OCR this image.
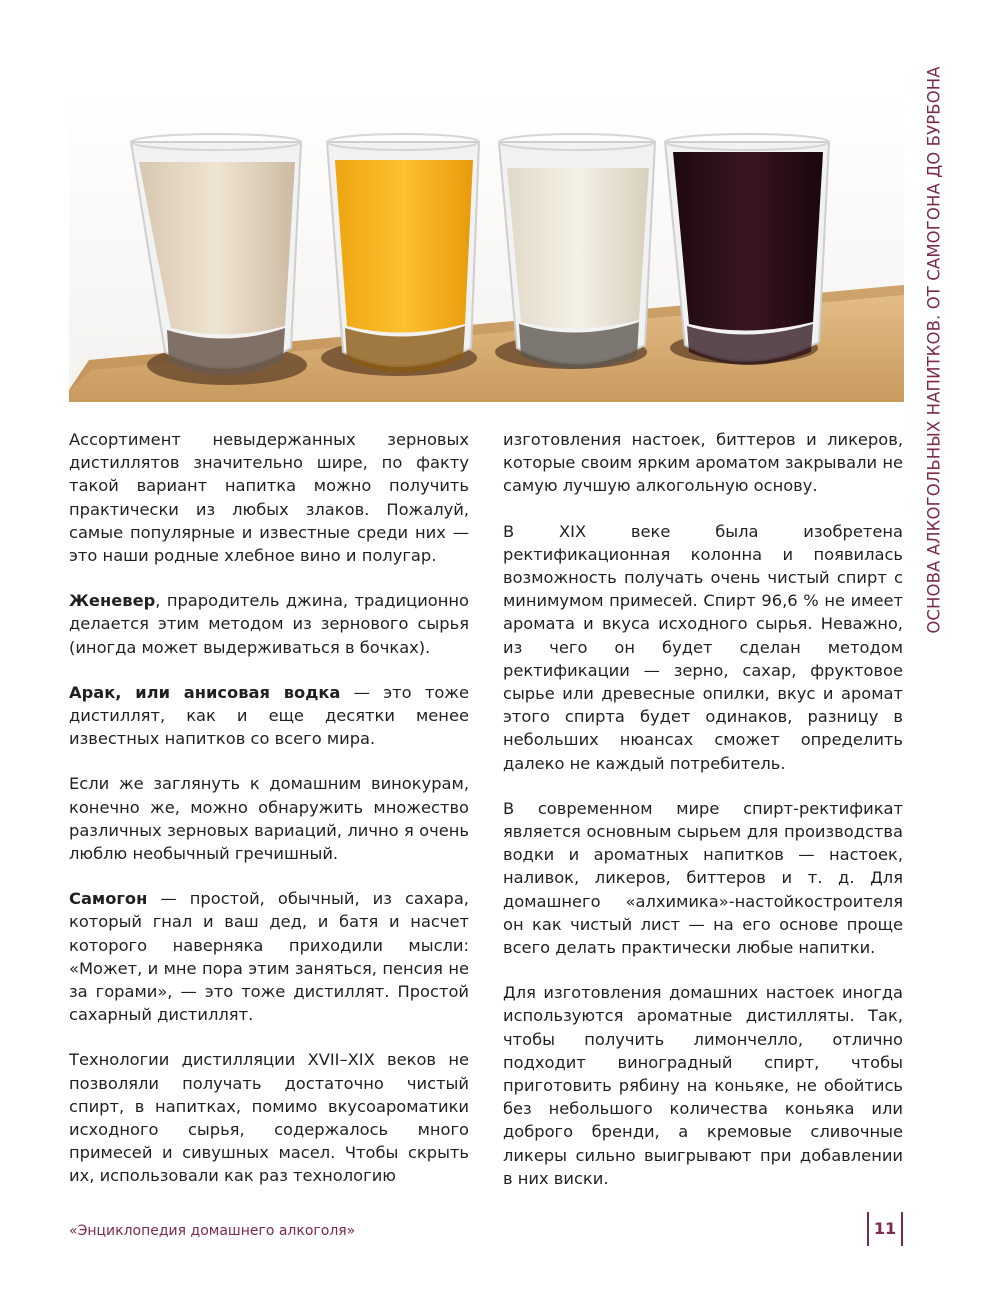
ОСНОВА АЛКОГОЛЬНЫХ НАПИТКОВ. ОТ САМОГОНА ДО БУРБОНА

Ассортимент невыдержанных зерновых дистиллятов значительно шире, по факту такой вариант напитка можно получить практически из любых злаков. Пожалуй, самые популярные и известные среди них — это наши родные хлебное вино и полугар.

Женевер, прародитель джина, традиционно делается этим методом из зернового сырья (иногда может выдерживаться в бочках).

Арак, или анисовая водка — это тоже дистиллят, как и еще десятки менее известных напитков со всего мира.

Если же заглянуть к домашним винокурам, конечно же, можно обнаружить множество различных зерновых вариаций, лично я очень люблю необычный гречишный.

Самогон — простой, обычный, из сахара, который гнал и ваш дед, и батя и насчет которого наверняка приходили мысли: «Может, и мне пора этим заняться, пенсия не за горами», — это тоже дистиллят. Простой сахарный дистиллят.

Технологии дистилляции XVII–XIX веков не позволяли получать достаточно чистый спирт, в напитках, помимо вкусоароматики исходного сырья, содержалось много примесей и сивушных масел. Чтобы скрыть их, использовали как раз технологию

изготовления настоек, биттеров и ликеров, которые своим ярким ароматом закрывали не самую лучшую алкогольную основу.

В XIX веке была изобретена ректификационная колонна и появилась возможность получать очень чистый спирт с минимумом примесей. Спирт 96,6 % не имеет аромата и вкуса исходного сырья. Неважно, из чего он будет сделан методом ректификации — зерно, сахар, фруктовое сырье или древесные опилки, вкус и аромат этого спирта будет одинаков, разницу в небольших нюансах сможет определить далеко не каждый потребитель.

В современном мире спирт-ректификат является основным сырьем для производства водки и ароматных напитков — настоек, наливок, ликеров, биттеров и т. д. Для домашнего «алхимика»-настойкостроителя он как чистый лист — на его основе проще всего делать практически любые напитки.

Для изготовления домашних настоек иногда используются ароматные дистилляты. Так, чтобы получить лимончелло, отлично подходит виноградный спирт, чтобы приготовить рябину на коньяке, не обойтись без небольшого количества коньяка или доброго бренди, а кремовые сливочные ликеры сильно выигрывают при добавлении в них виски.

«Энциклопедия домашнего алкоголя»	11
